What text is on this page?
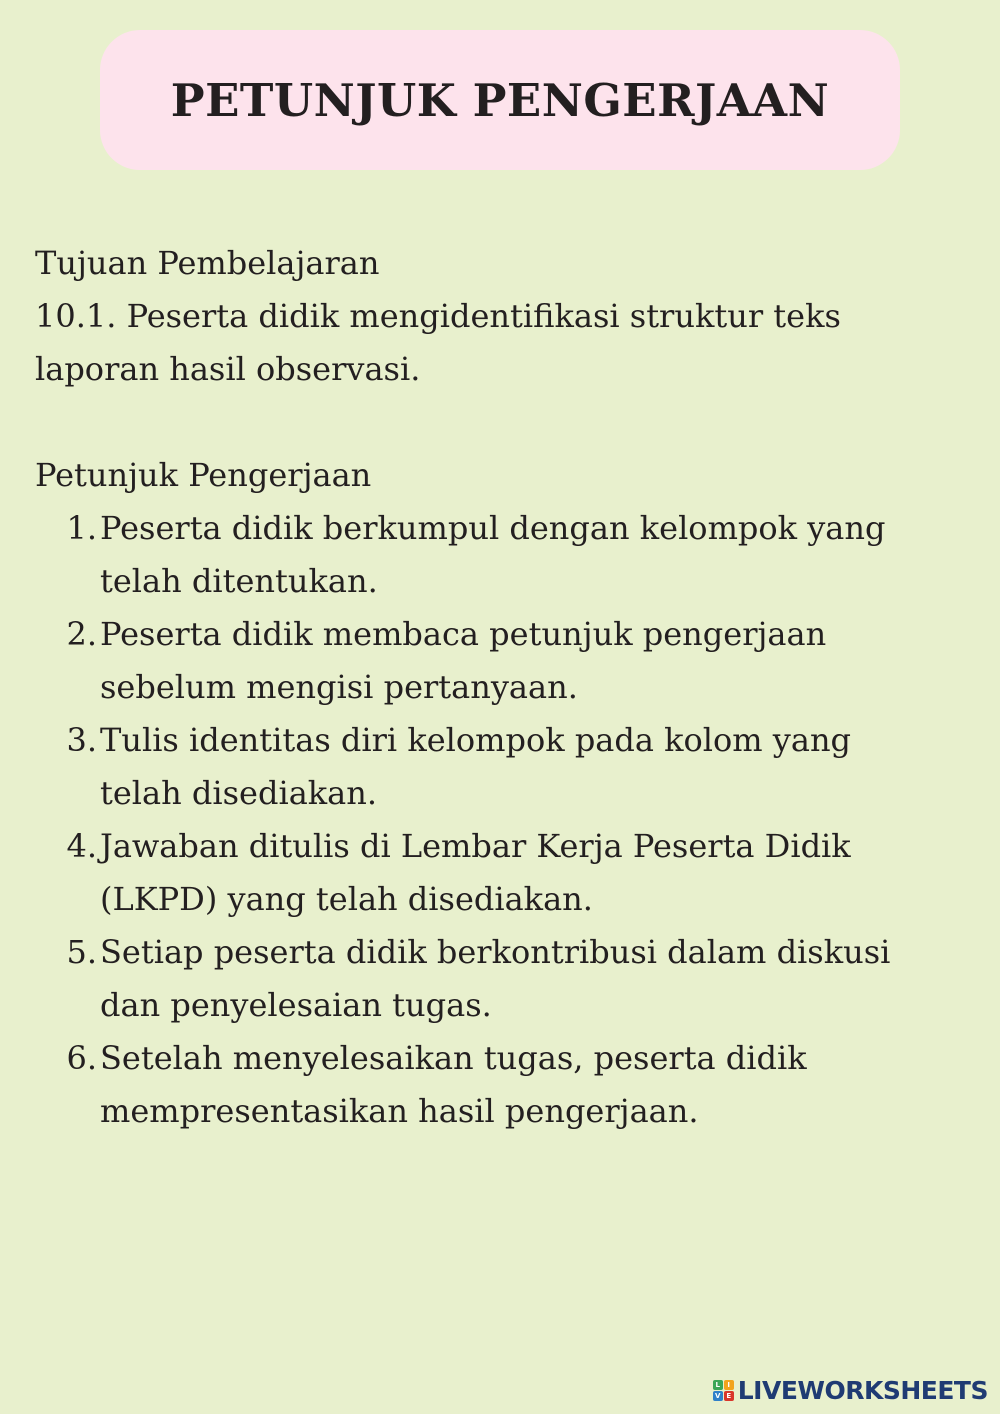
PETUNJUK PENGERJAAN

Tujuan Pembelajaran

10.1. Peserta didik mengidentifikasi struktur teks

laporan hasil observasi.

Petunjuk Pengerjaan

1. Peserta didik berkumpul dengan kelompok yang
telah ditentukan.
2. Peserta didik membaca petunjuk pengerjaan
sebelum mengisi pertanyaan.
3. Tulis identitas diri kelompok pada kolom yang
telah disediakan.
4. Jawaban ditulis di Lembar Kerja Peserta Didik
(LKPD) yang telah disediakan.
5. Setiap peserta didik berkontribusi dalam diskusi
dan penyelesaian tugas.
6. Setelah menyelesaikan tugas, peserta didik
mempresentasikan hasil pengerjaan.
L	I
V E LIVEWORKSHEETS
